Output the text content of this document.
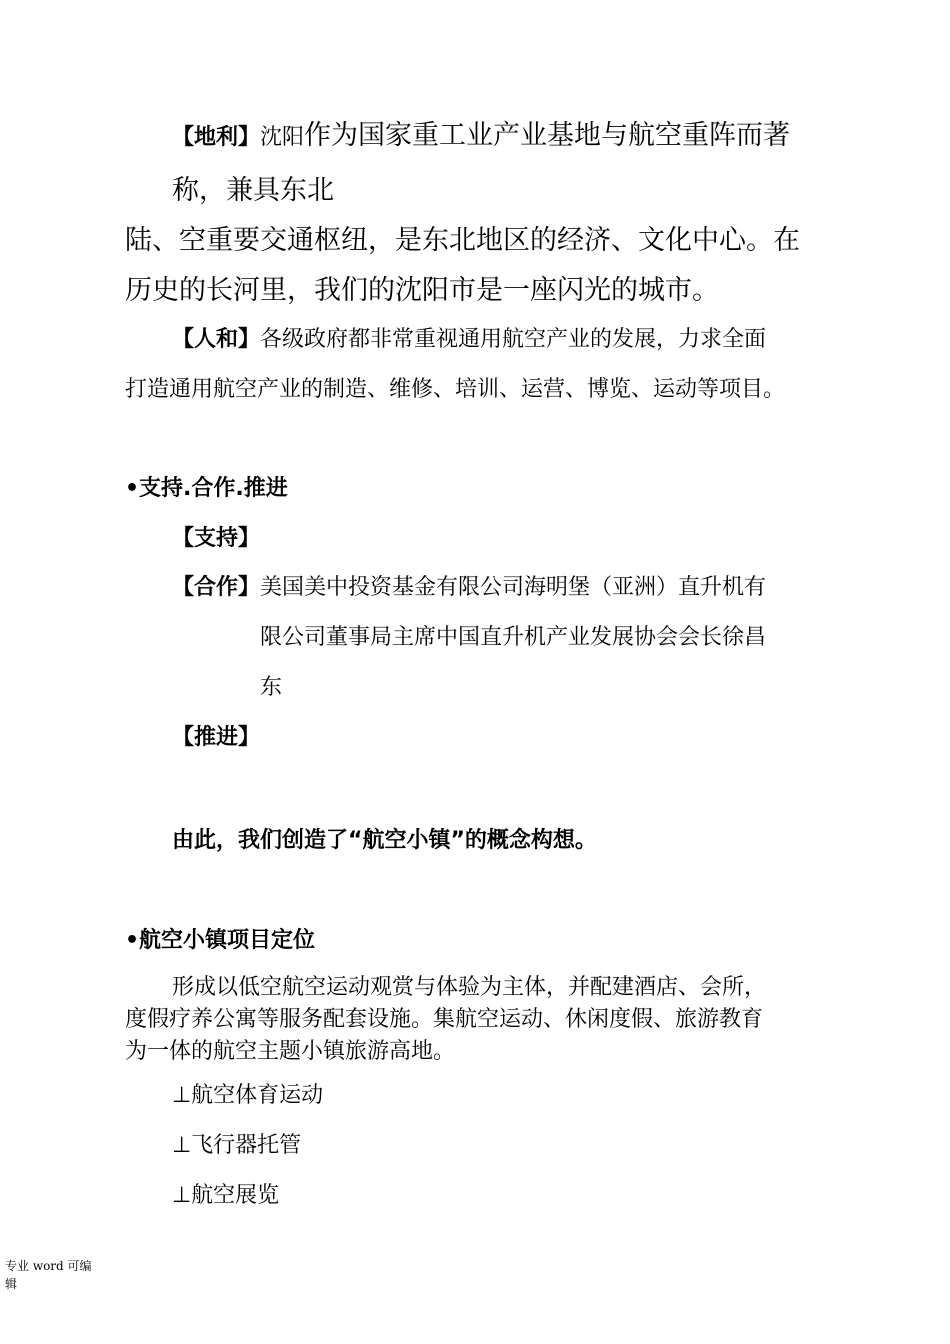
【地利】沈阳作为国家重工业产业基地与航空重阵而著
称，兼具东北
陆、空重要交通枢纽，是东北地区的经济、文化中心。在
历史的长河里，我们的沈阳市是一座闪光的城市。
【人和】各级政府都非常重视通用航空产业的发展，力求全面
打造通用航空产业的制造、维修、培训、运营、博览、运动等项目。
•支持.合作.推进
【支持】
【合作】美国美中投资基金有限公司海明堡（亚洲）直升机有
限公司董事局主席中国直升机产业发展协会会长徐昌
东
【推进】
由此，我们创造了“航空小镇”的概念构想。
•航空小镇项目定位
形成以低空航空运动观赏与体验为主体，并配建酒店、会所，
度假疗养公寓等服务配套设施。集航空运动、休闲度假、旅游教育
为一体的航空主题小镇旅游高地。
⊥航空体育运动
⊥飞行器托管
⊥航空展览
专业 word 可编
辑
